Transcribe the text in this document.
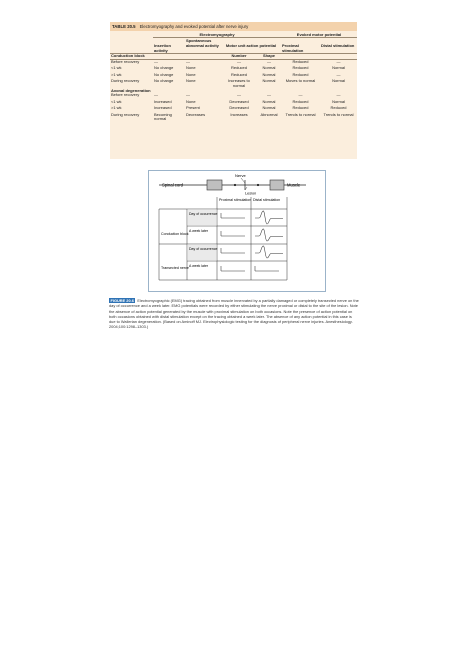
TABLE 20.5 Electromyography and evoked potential after nerve injury
	Electromyography				Evoked motor potential	
	Insertion activity	Spontaneous abnormal activity	Motor unit action potential		Proximal stimulation	Distal stimulation
Conduction block			Number	Shape		
Before recovery	—	—	—	—	Reduced	—
<1 wk	No change	None	Reduced	Normal	Reduced	Normal
>1 wk	No change	None	Reduced	Normal	Reduced	—
During recovery	No change	None	Increases to normal	Normal	Moves to normal	Normal
Axonal degeneration						
Before recovery	—	—	—	—	—	—
<1 wk	Increased	None	Decreased	Normal	Reduced	Normal
>1 wk	Increased	Present	Decreased	Normal	Reduced	Reduced
During recovery	Becoming normal	Decreases	Increases	Abnormal	Trends to normal	Trends to normal
Spinal cord
Nerve
Muscle
Lesion
Proximal stimulation Distal stimulation
Conduction block
Transected nerve
Day of occurrence
A week later
Day of occurrence
A week later
FIGURE 20.6 Electromyographic (EMG) tracing obtained from muscle innervated by a partially damaged or completely transected nerve on the day of occurrence and a week later. EMG potentials were recorded by either stimulating the nerve proximal or distal to the site of the lesion. Note the absence of action potential generated by the muscle with proximal stimulation on both occasions. Note the presence of action potential on both occasions obtained with distal stimulation except on the tracing obtained a week later. The absence of any action potential in this case is due to Wallerian degeneration. (Based on Aminoff MJ. Electrophysiologic testing for the diagnosis of peripheral nerve injuries. Anesthesiology. 2004;100:1298–1303.)
